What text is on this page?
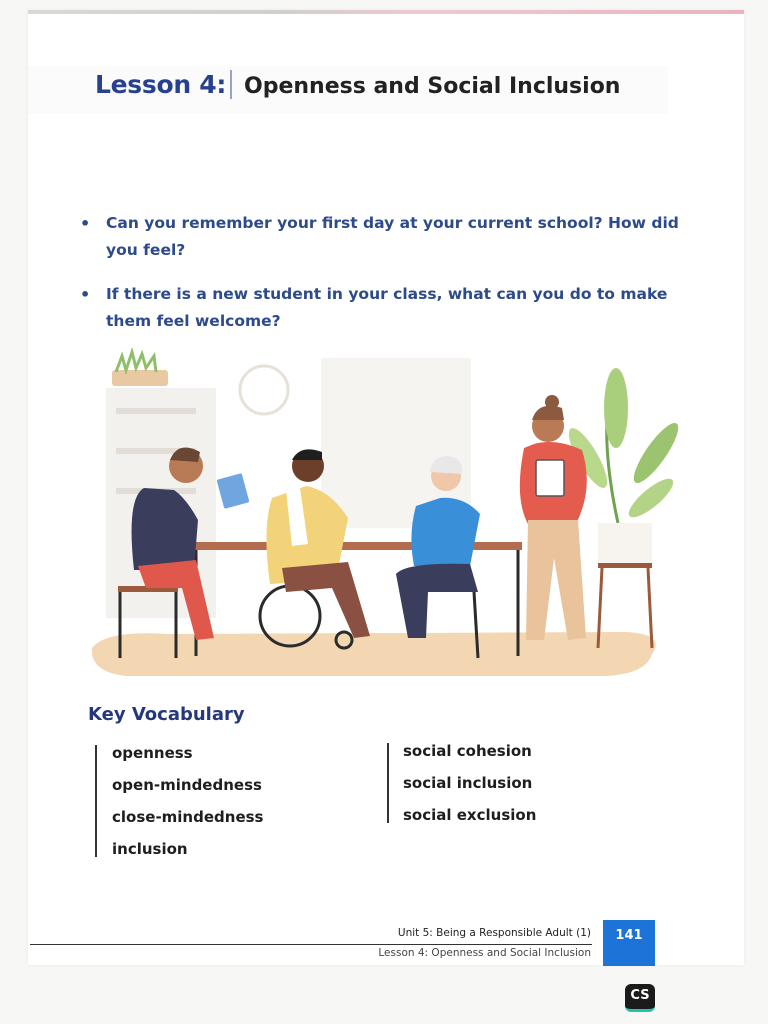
Lesson 4: Openness and Social Inclusion
• Can you remember your first day at your current school? How did you feel?
• If there is a new student in your class, what can you do to make them feel welcome?
Key Vocabulary
openness
open-mindedness
close-mindedness
inclusion
social cohesion
social inclusion
social exclusion
Unit 5: Being a Responsible Adult (1)
Lesson 4: Openness and Social Inclusion
141
CS
